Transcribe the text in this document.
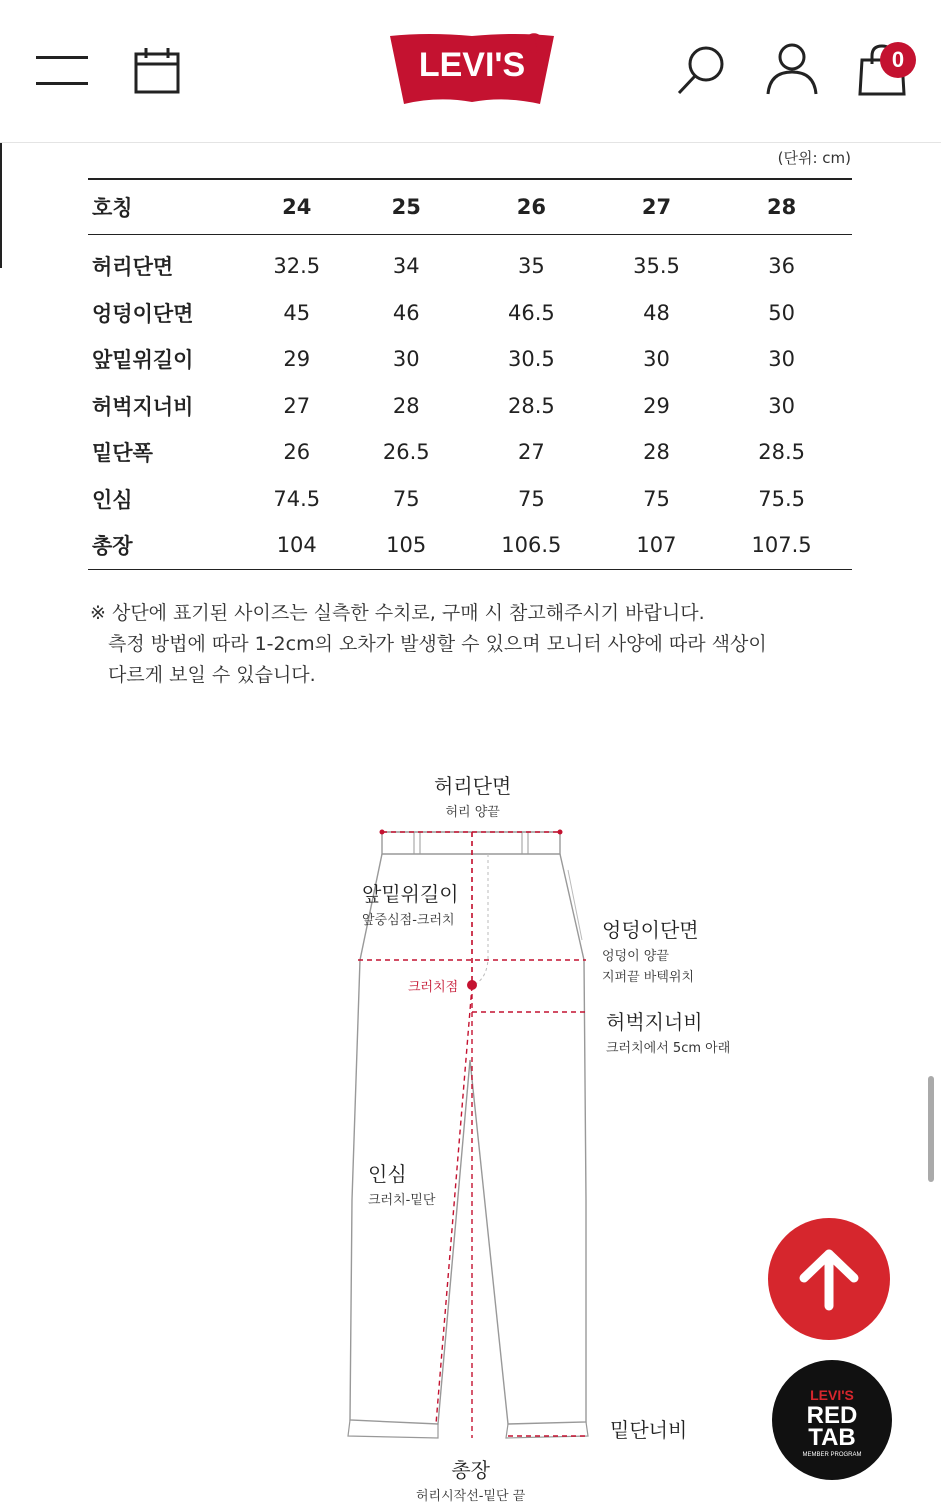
LEVI'S
R
0
(단위: cm)
호칭	24	25	26	27	28
허리단면	32.5	34	35	35.5	36
엉덩이단면	45	46	46.5	48	50
앞밑위길이	29	30	30.5	30	30
허벅지너비	27	28	28.5	29	30
밑단폭	26	26.5	27	28	28.5
인심	74.5	75	75	75	75.5
총장	104	105	106.5	107	107.5

※ 상단에 표기된 사이즈는 실측한 수치로, 구매 시 참고해주시기 바랍니다.

측정 방법에 따라 1-2cm의 오차가 발생할 수 있으며 모니터 사양에 따라 색상이

다르게 보일 수 있습니다.

허리단면
허리 양끝
앞밑위길이
앞중심점-크러치
크러치점
엉덩이단면
엉덩이 양끝
지퍼끝 바텍위치
허벅지너비
크러치에서 5cm 아래
인심
크러치-밑단
밑단너비
총장
허리시작선-밑단 끝
LEVI'S
RED
TAB
MEMBER PROGRAM
